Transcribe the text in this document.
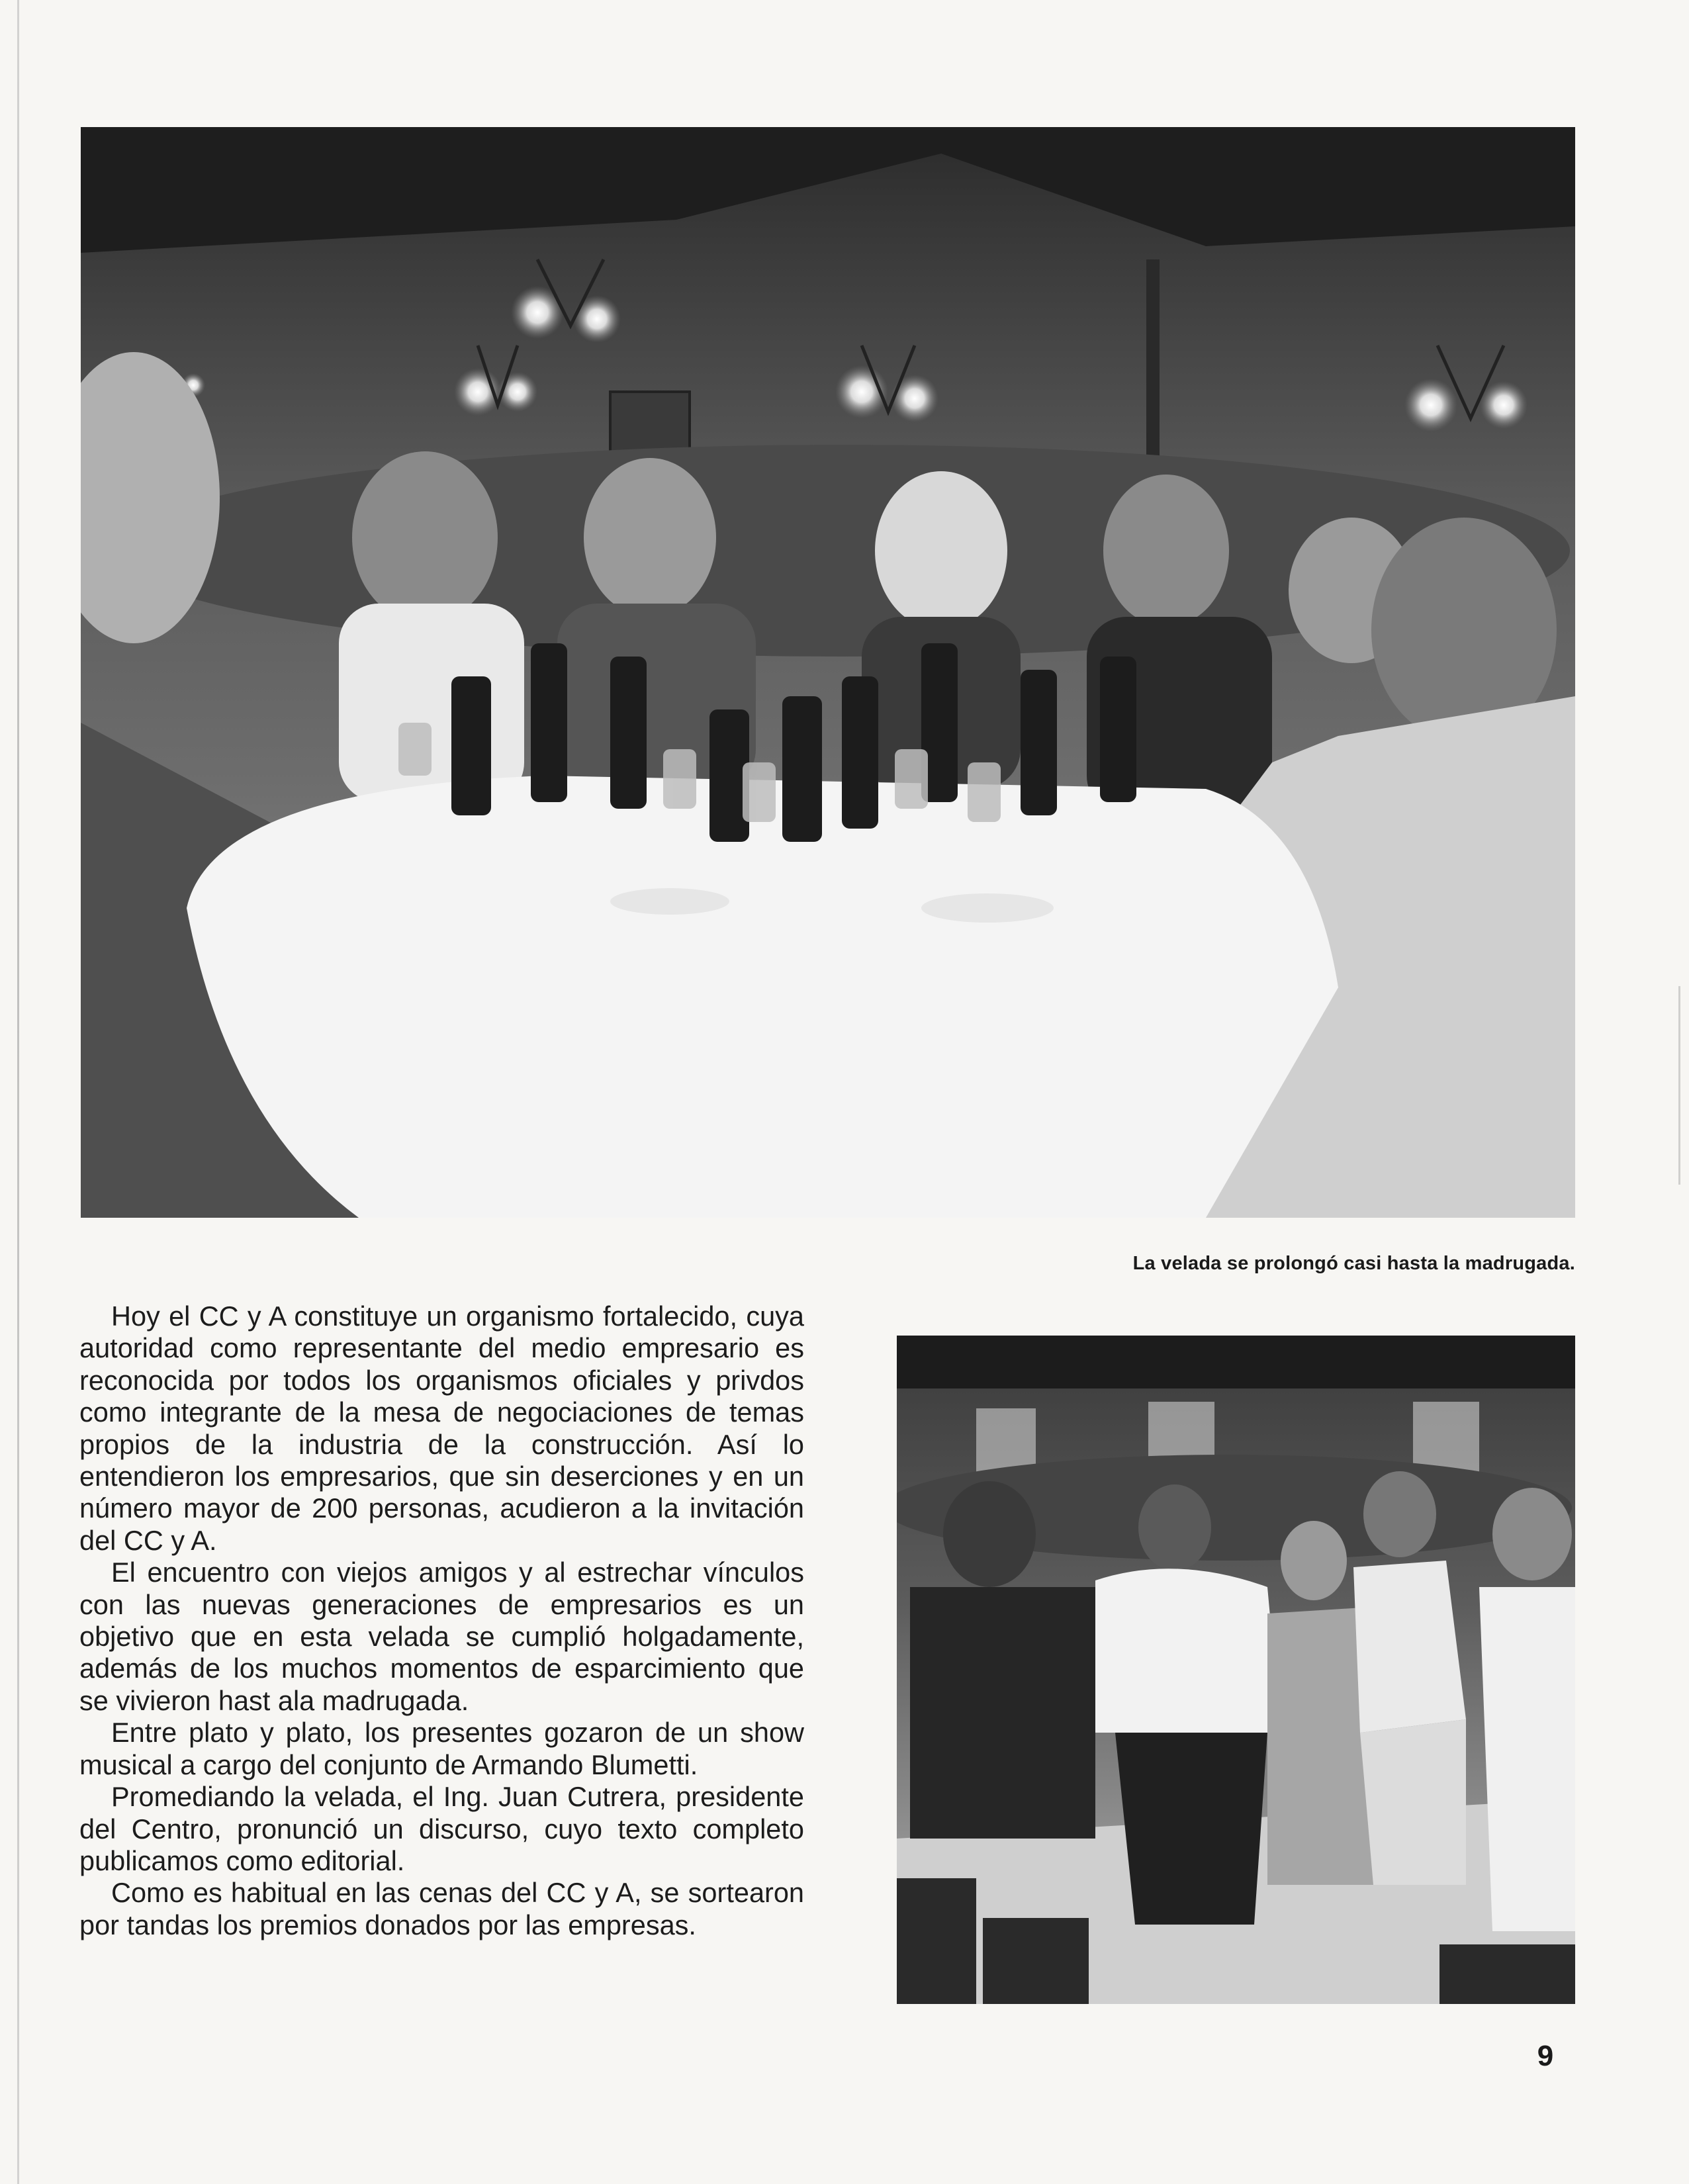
La velada se prolongó casi hasta la madrugada.

Hoy el CC y A constituye un organismo fortalecido, cuya autoridad como representante del medio empresario es reconocida por todos los organismos oficiales y privdos como integrante de la mesa de negociaciones de temas propios de la industria de la construcción. Así lo entendieron los empresarios, que sin deserciones y en un número mayor de 200 personas, acudieron a la invitación del CC y A.

El encuentro con viejos amigos y al estrechar vínculos con las nuevas generaciones de empresarios es un objetivo que en esta velada se cumplió holgadamente, además de los muchos momentos de esparcimiento que se vivieron hast ala madrugada.

Entre plato y plato, los presentes gozaron de un show musical a cargo del conjunto de Armando Blumetti.

Promediando la velada, el Ing. Juan Cutrera, presidente del Centro, pronunció un discurso, cuyo texto completo publicamos como editorial.

Como es habitual en las cenas del CC y A, se sortearon por tandas los premios donados por las empresas.

9
